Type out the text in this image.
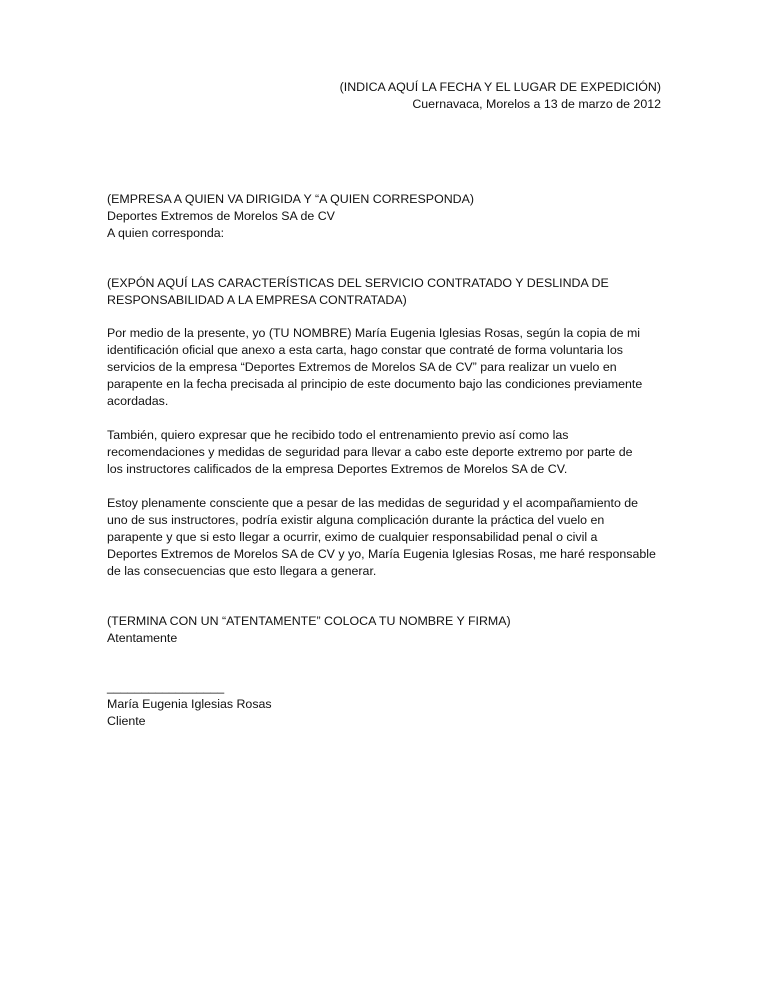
(INDICA AQUÍ LA FECHA Y EL LUGAR DE EXPEDICIÓN)
Cuernavaca, Morelos a 13 de marzo de 2012
(EMPRESA A QUIEN VA DIRIGIDA Y “A QUIEN CORRESPONDA)
Deportes Extremos de Morelos SA de CV
A quien corresponda:
(EXPÓN AQUÍ LAS CARACTERÍSTICAS DEL SERVICIO CONTRATADO Y DESLINDA DE
RESPONSABILIDAD A LA EMPRESA CONTRATADA)
Por medio de la presente, yo (TU NOMBRE) María Eugenia Iglesias Rosas, según la copia de mi
identificación oficial que anexo a esta carta, hago constar que contraté de forma voluntaria los
servicios de la empresa “Deportes Extremos de Morelos SA de CV” para realizar un vuelo en
parapente en la fecha precisada al principio de este documento bajo las condiciones previamente
acordadas.
También, quiero expresar que he recibido todo el entrenamiento previo así como las
recomendaciones y medidas de seguridad para llevar a cabo este deporte extremo por parte de
los instructores calificados de la empresa Deportes Extremos de Morelos SA de CV.
Estoy plenamente consciente que a pesar de las medidas de seguridad y el acompañamiento de
uno de sus instructores, podría existir alguna complicación durante la práctica del vuelo en
parapente y que si esto llegar a ocurrir, eximo de cualquier responsabilidad penal o civil a
Deportes Extremos de Morelos SA de CV y yo, María Eugenia Iglesias Rosas, me haré responsable
de las consecuencias que esto llegara a generar.
(TERMINA CON UN “ATENTAMENTE” COLOCA TU NOMBRE Y FIRMA)
Atentamente
_________________
María Eugenia Iglesias Rosas
Cliente
